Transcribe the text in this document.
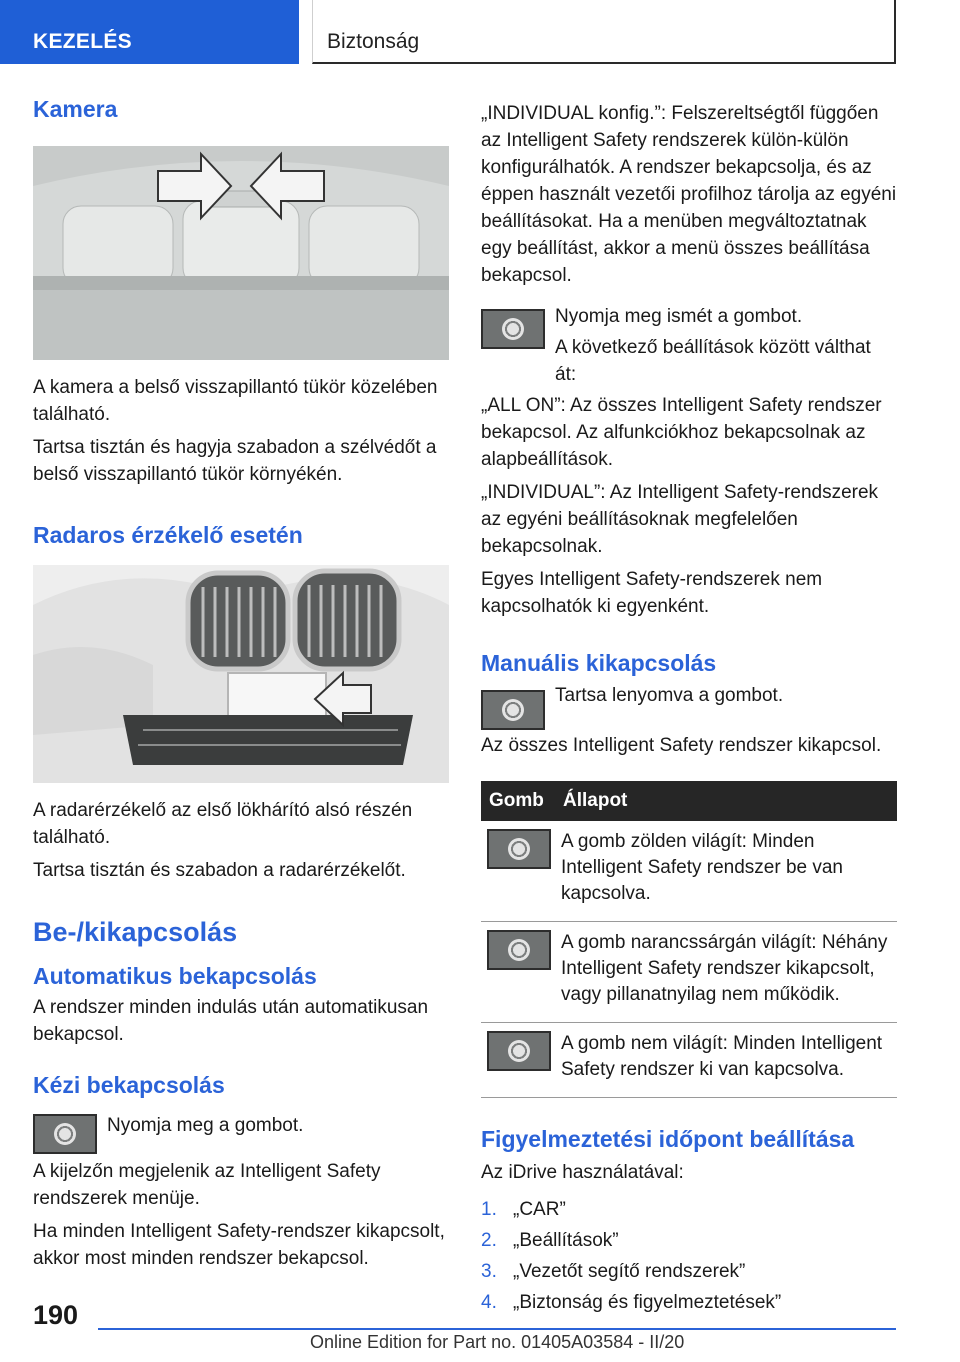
KEZELÉS	Biztonság
Kamera

A kamera a belső visszapillantó tükör közelében található.

Tartsa tisztán és hagyja szabadon a szélvédőt a belső visszapillantó tükör környékén.

Radaros érzékelő esetén

A radarérzékelő az első lökhárító alsó részén található.

Tartsa tisztán és szabadon a radarérzékelőt.

Be-/kikapcsolás
Automatikus bekapcsolás

A rendszer minden indulás után automatikusan bekapcsol.

Kézi bekapcsolás

Nyomja meg a gombot.

A kijelzőn megjelenik az Intelligent Safety rendszerek menüje.

Ha minden Intelligent Safety-rendszer kikapcsolt, akkor most minden rendszer bekapcsol.

„INDIVIDUAL konfig.”: Felszereltségtől függően az Intelligent Safety rendszerek külön-külön konfigurálhatók. A rendszer bekapcsolja, és az éppen használt vezetői profilhoz tárolja az egyéni beállításokat. Ha a menüben megváltoztatnak egy beállítást, akkor a menü összes beállítása bekapcsol.

Nyomja meg ismét a gombot.

A következő beállítások között válthat át:

„ALL ON”: Az összes Intelligent Safety rendszer bekapcsol. Az alfunkciókhoz bekapcsolnak az alapbeállítások.

„INDIVIDUAL”: Az Intelligent Safety-rendszerek az egyéni beállításoknak megfelelően bekapcsolnak.

Egyes Intelligent Safety-rendszerek nem kapcsolhatók ki egyenként.

Manuális kikapcsolás

Tartsa lenyomva a gombot.

Az összes Intelligent Safety rendszer kikapcsol.

Gomb	Állapot

	A gomb zölden világít: Minden Intelligent Safety rendszer be van kapcsolva.

	A gomb narancssárgán világít: Néhány Intelligent Safety rendszer kikapcsolt, vagy pillanatnyilag nem működik.

	A gomb nem világít: Minden Intelligent Safety rendszer ki van kapcsolva.
Figyelmeztetési időpont beállítása

Az iDrive használatával:

1. „CAR”
2. „Beállítások”
3. „Vezetőt segítő rendszerek”
4. „Biztonság és figyelmeztetések”
190
Online Edition for Part no. 01405A03584 - II/20
